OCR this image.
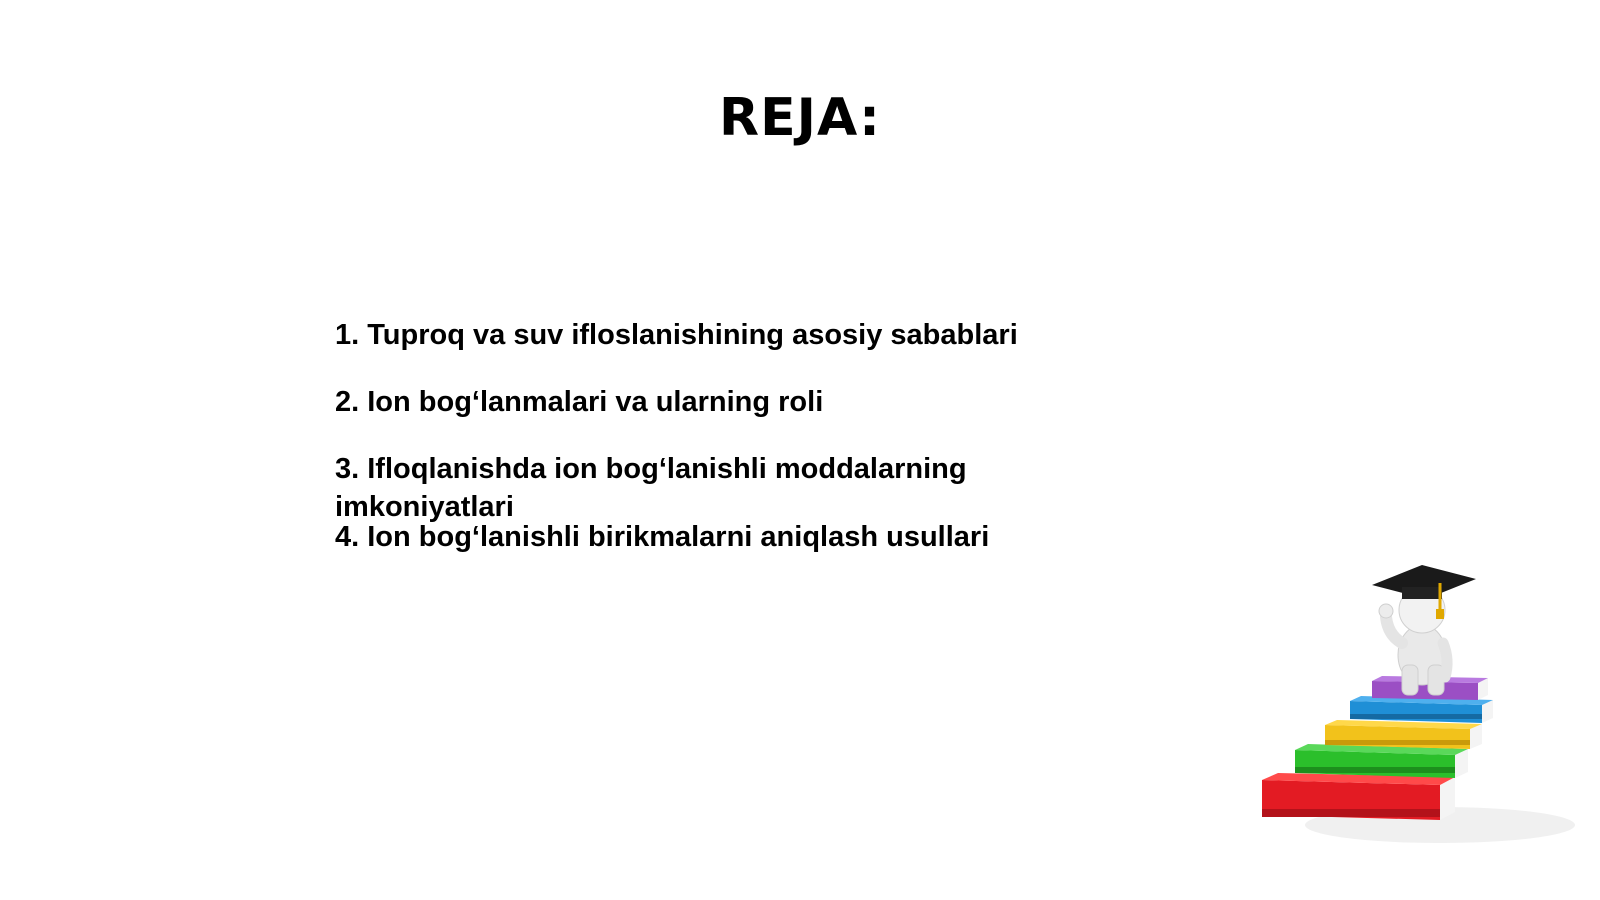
REJA:
1. Tuproq va suv ifloslanishining asosiy sabablari
2. Ion bog‘lanmalari va ularning roli
3. Ifloqlanishda ion bog‘lanishli moddalarning imkoniyatlari
4. Ion bog‘lanishli birikmalarni aniqlash usullari
